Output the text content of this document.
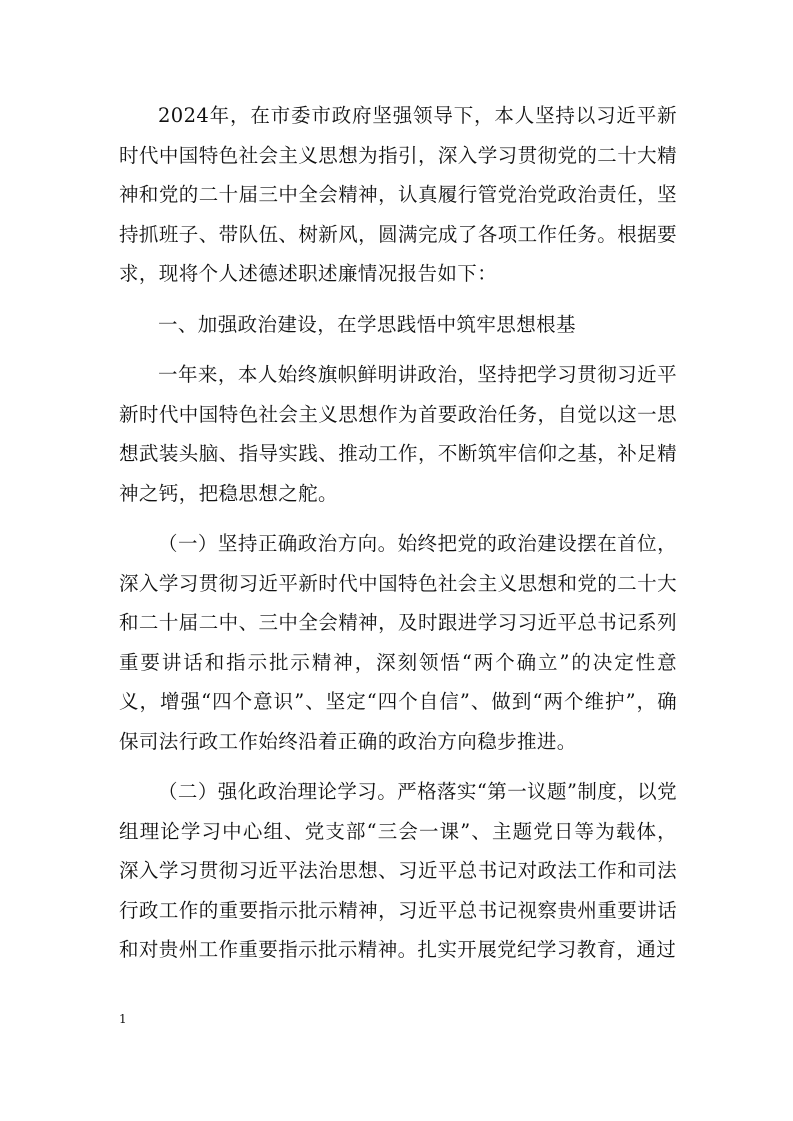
2024年，在市委市政府坚强领导下，本人坚持以习近平新时代中国特色社会主义思想为指引，深入学习贯彻党的二十大精神和党的二十届三中全会精神，认真履行管党治党政治责任，坚持抓班子、带队伍、树新风，圆满完成了各项工作任务。根据要求，现将个人述德述职述廉情况报告如下：

一、加强政治建设，在学思践悟中筑牢思想根基

一年来，本人始终旗帜鲜明讲政治，坚持把学习贯彻习近平新时代中国特色社会主义思想作为首要政治任务，自觉以这一思想武装头脑、指导实践、推动工作，不断筑牢信仰之基，补足精神之钙，把稳思想之舵。

（一）坚持正确政治方向。始终把党的政治建设摆在首位，深入学习贯彻习近平新时代中国特色社会主义思想和党的二十大和二十届二中、三中全会精神，及时跟进学习习近平总书记系列重要讲话和指示批示精神，深刻领悟“两个确立”的决定性意义，增强“四个意识”、坚定“四个自信”、做到“两个维护”，确保司法行政工作始终沿着正确的政治方向稳步推进。

（二）强化政治理论学习。严格落实“第一议题”制度，以党组理论学习中心组、党支部“三会一课”、主题党日等为载体，深入学习贯彻习近平法治思想、习近平总书记对政法工作和司法行政工作的重要指示批示精神，习近平总书记视察贵州重要讲话和对贵州工作重要指示批示精神。扎实开展党纪学习教育，通过

1
